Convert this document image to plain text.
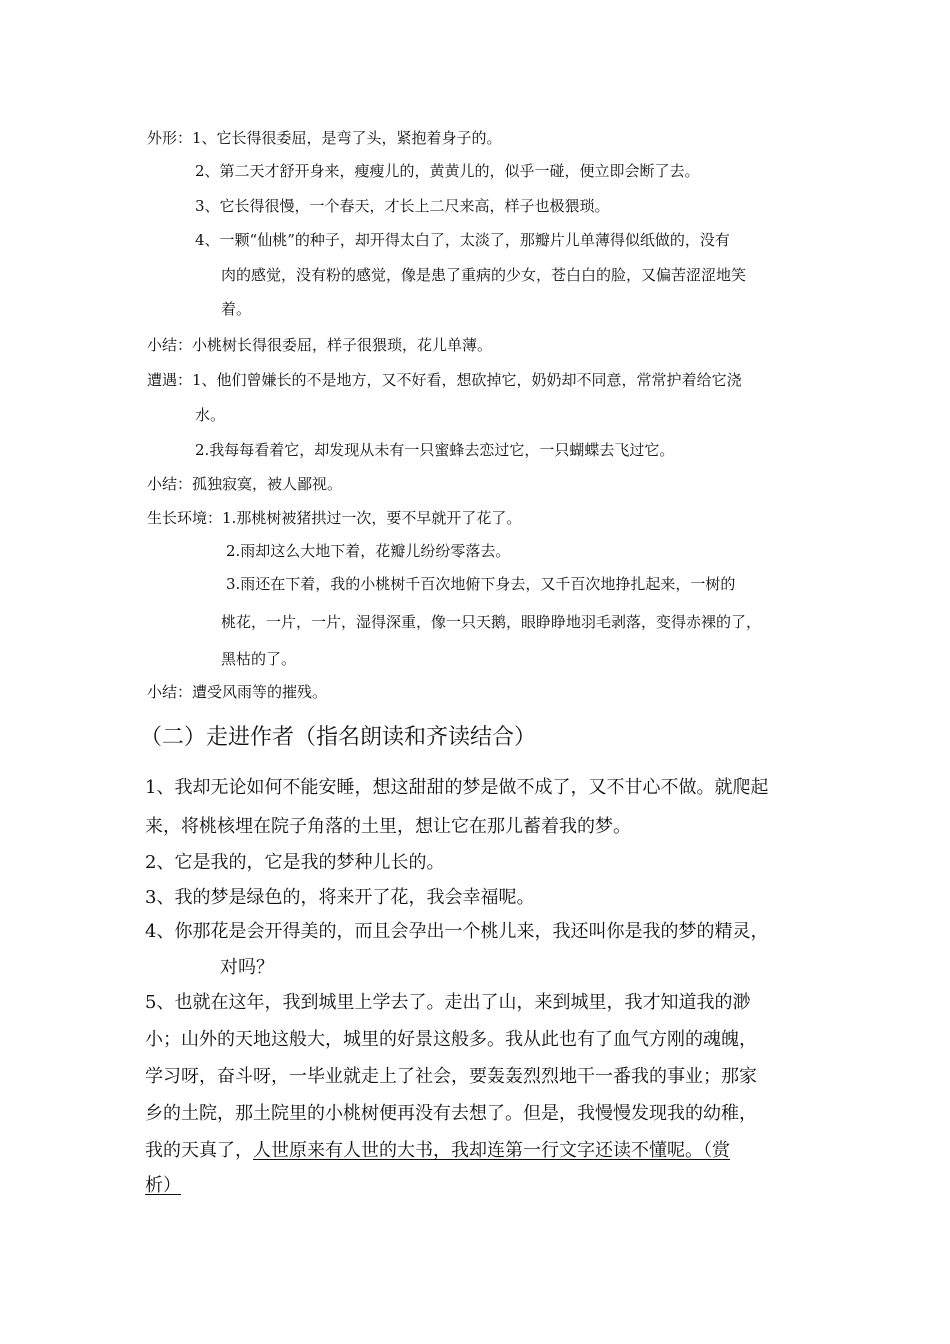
外形：1、它长得很委屈，是弯了头，紧抱着身子的。
2、第二天才舒开身来，瘦瘦儿的，黄黄儿的，似乎一碰，便立即会断了去。
3、它长得很慢，一个春天，才长上二尺来高，样子也极猥琐。
4、一颗“仙桃”的种子，却开得太白了，太淡了，那瓣片儿单薄得似纸做的，没有
肉的感觉，没有粉的感觉，像是患了重病的少女，苍白白的脸，又偏苦涩涩地笑
着。
小结：小桃树长得很委屈，样子很猥琐，花儿单薄。
遭遇：1、他们曾嫌长的不是地方，又不好看，想砍掉它，奶奶却不同意，常常护着给它浇
水。
2.我每每看着它，却发现从未有一只蜜蜂去恋过它，一只蝴蝶去飞过它。
小结：孤独寂寞，被人鄙视。
生长环境：1.那桃树被猪拱过一次，要不早就开了花了。
2.雨却这么大地下着，花瓣儿纷纷零落去。
3.雨还在下着，我的小桃树千百次地俯下身去，又千百次地挣扎起来，一树的
桃花，一片，一片，湿得深重，像一只天鹅，眼睁睁地羽毛剥落，变得赤裸的了，
黑枯的了。
小结：遭受风雨等的摧残。
（二）走进作者（指名朗读和齐读结合）
1、我却无论如何不能安睡，想这甜甜的梦是做不成了，又不甘心不做。就爬起
来，将桃核埋在院子角落的土里，想让它在那儿蓄着我的梦。
2、它是我的，它是我的梦种儿长的。
3、我的梦是绿色的，将来开了花，我会幸福呢。
4、你那花是会开得美的，而且会孕出一个桃儿来，我还叫你是我的梦的精灵，
对吗？
5、也就在这年，我到城里上学去了。走出了山，来到城里，我才知道我的渺
小；山外的天地这般大，城里的好景这般多。我从此也有了血气方刚的魂魄，
学习呀，奋斗呀，一毕业就走上了社会，要轰轰烈烈地干一番我的事业；那家
乡的土院，那土院里的小桃树便再没有去想了。但是，我慢慢发现我的幼稚，
我的天真了，人世原来有人世的大书，我却连第一行文字还读不懂呢。（赏
析）
